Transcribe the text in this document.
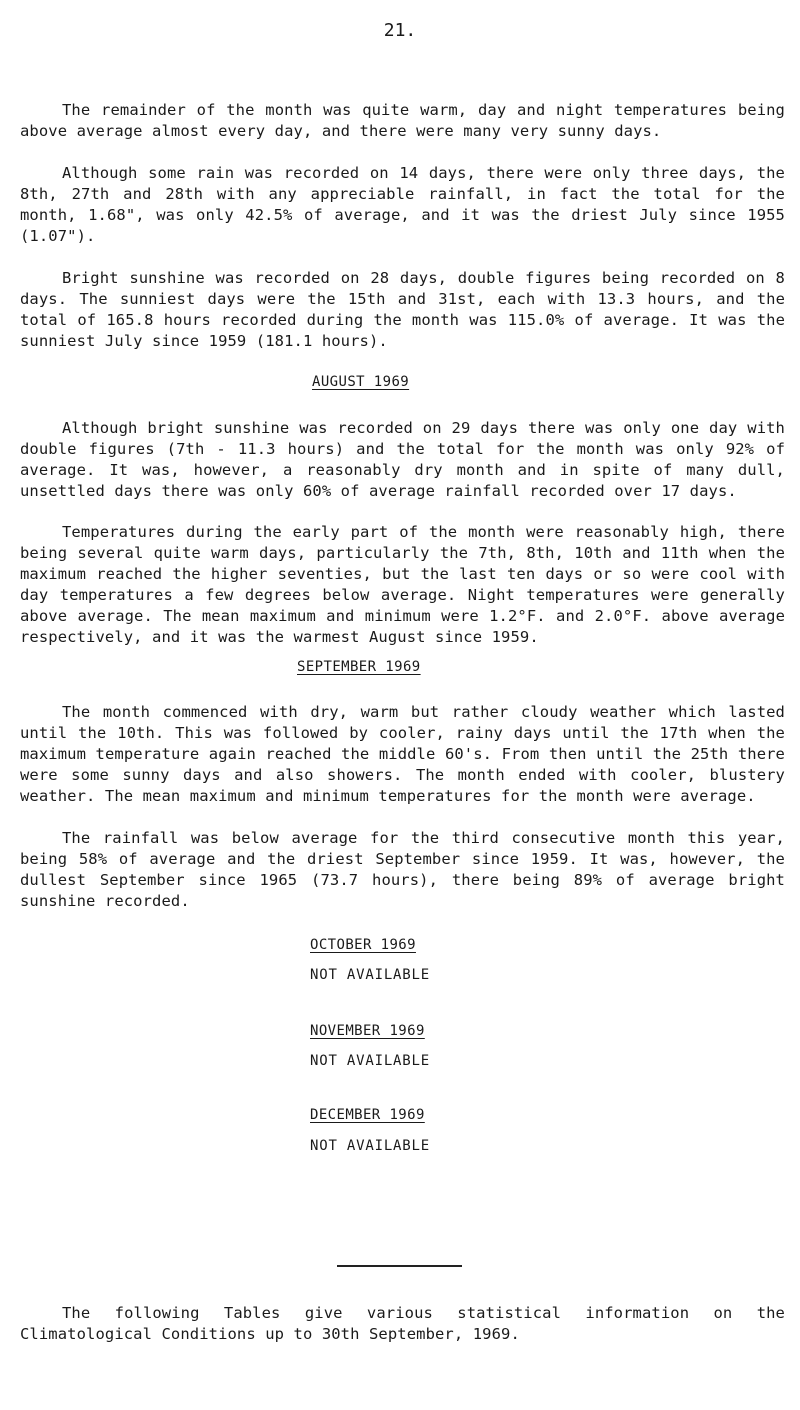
21.
The remainder of the month was quite warm, day and night temperatures being above average almost every day, and there were many very sunny days.
Although some rain was recorded on 14 days, there were only three days, the 8th, 27th and 28th with any appreciable rainfall, in fact the total for the month, 1.68", was only 42.5% of average, and it was the driest July since 1955 (1.07").
Bright sunshine was recorded on 28 days, double figures being recorded on 8 days. The sunniest days were the 15th and 31st, each with 13.3 hours, and the total of 165.8 hours recorded during the month was 115.0% of average. It was the sunniest July since 1959 (181.1 hours).
AUGUST 1969
Although bright sunshine was recorded on 29 days there was only one day with double figures (7th - 11.3 hours) and the total for the month was only 92% of average. It was, however, a reasonably dry month and in spite of many dull, unsettled days there was only 60% of average rainfall recorded over 17 days.
Temperatures during the early part of the month were reasonably high, there being several quite warm days, particularly the 7th, 8th, 10th and 11th when the maximum reached the higher seventies, but the last ten days or so were cool with day temperatures a few degrees below average. Night temperatures were generally above average. The mean maximum and minimum were 1.2°F. and 2.0°F. above average respectively, and it was the warmest August since 1959.
SEPTEMBER 1969
The month commenced with dry, warm but rather cloudy weather which lasted until the 10th. This was followed by cooler, rainy days until the 17th when the maximum temperature again reached the middle 60's. From then until the 25th there were some sunny days and also showers. The month ended with cooler, blustery weather. The mean maximum and minimum temperatures for the month were average.
The rainfall was below average for the third consecutive month this year, being 58% of average and the driest September since 1959. It was, however, the dullest September since 1965 (73.7 hours), there being 89% of average bright sunshine recorded.
OCTOBER 1969
NOT AVAILABLE
NOVEMBER 1969
NOT AVAILABLE
DECEMBER 1969
NOT AVAILABLE
The following Tables give various statistical information on the Climatological Conditions up to 30th September, 1969.
